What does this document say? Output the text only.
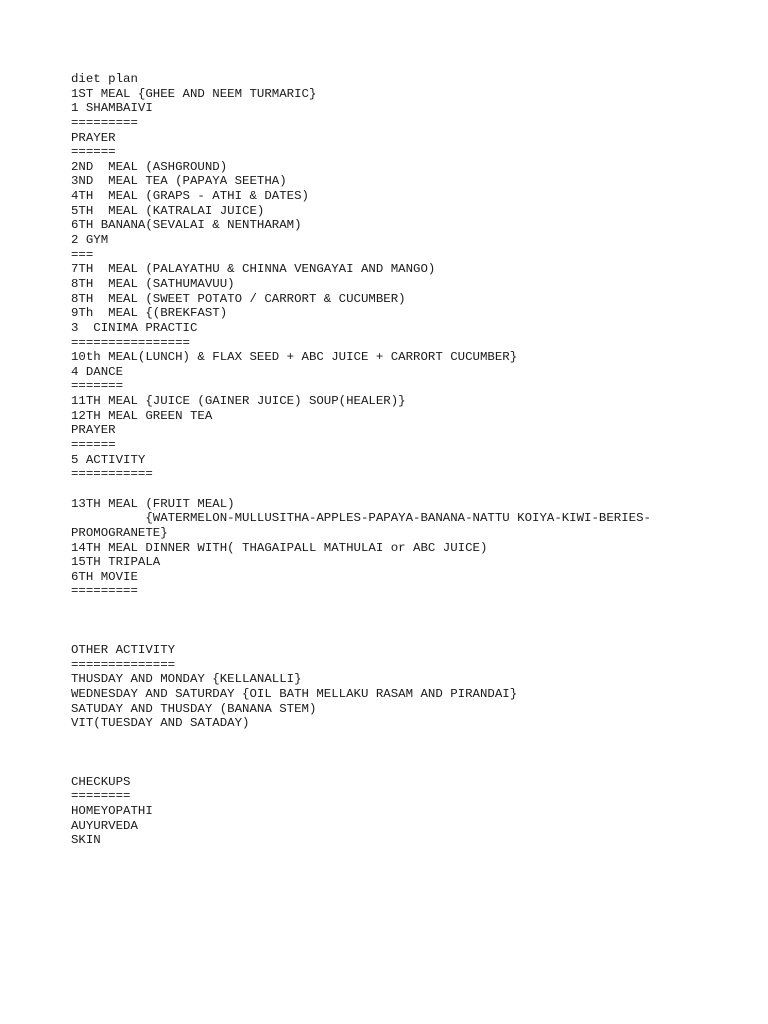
diet plan
1ST MEAL {GHEE AND NEEM TURMARIC}
1 SHAMBAIVI
=========
PRAYER
======
2ND  MEAL (ASHGROUND)
3ND  MEAL TEA (PAPAYA SEETHA)
4TH  MEAL (GRAPS - ATHI & DATES)
5TH  MEAL (KATRALAI JUICE)
6TH BANANA(SEVALAI & NENTHARAM)
2 GYM
===
7TH  MEAL (PALAYATHU & CHINNA VENGAYAI AND MANGO)
8TH  MEAL (SATHUMAVUU)
8TH  MEAL (SWEET POTATO / CARRORT & CUCUMBER)
9Th  MEAL {(BREKFAST)
3  CINIMA PRACTIC
================
10th MEAL(LUNCH) & FLAX SEED + ABC JUICE + CARRORT CUCUMBER}
4 DANCE
=======
11TH MEAL {JUICE (GAINER JUICE) SOUP(HEALER)}
12TH MEAL GREEN TEA
PRAYER
======
5 ACTIVITY
===========
13TH MEAL (FRUIT MEAL)
{WATERMELON-MULLUSITHA-APPLES-PAPAYA-BANANA-NATTU KOIYA-KIWI-BERIES-
PROMOGRANETE}
14TH MEAL DINNER WITH( THAGAIPALL MATHULAI or ABC JUICE)
15TH TRIPALA
6TH MOVIE
=========
OTHER ACTIVITY
==============
THUSDAY AND MONDAY {KELLANALLI}
WEDNESDAY AND SATURDAY {OIL BATH MELLAKU RASAM AND PIRANDAI}
SATUDAY AND THUSDAY (BANANA STEM)
VIT(TUESDAY AND SATADAY)
CHECKUPS
========
HOMEYOPATHI
AUYURVEDA
SKIN
